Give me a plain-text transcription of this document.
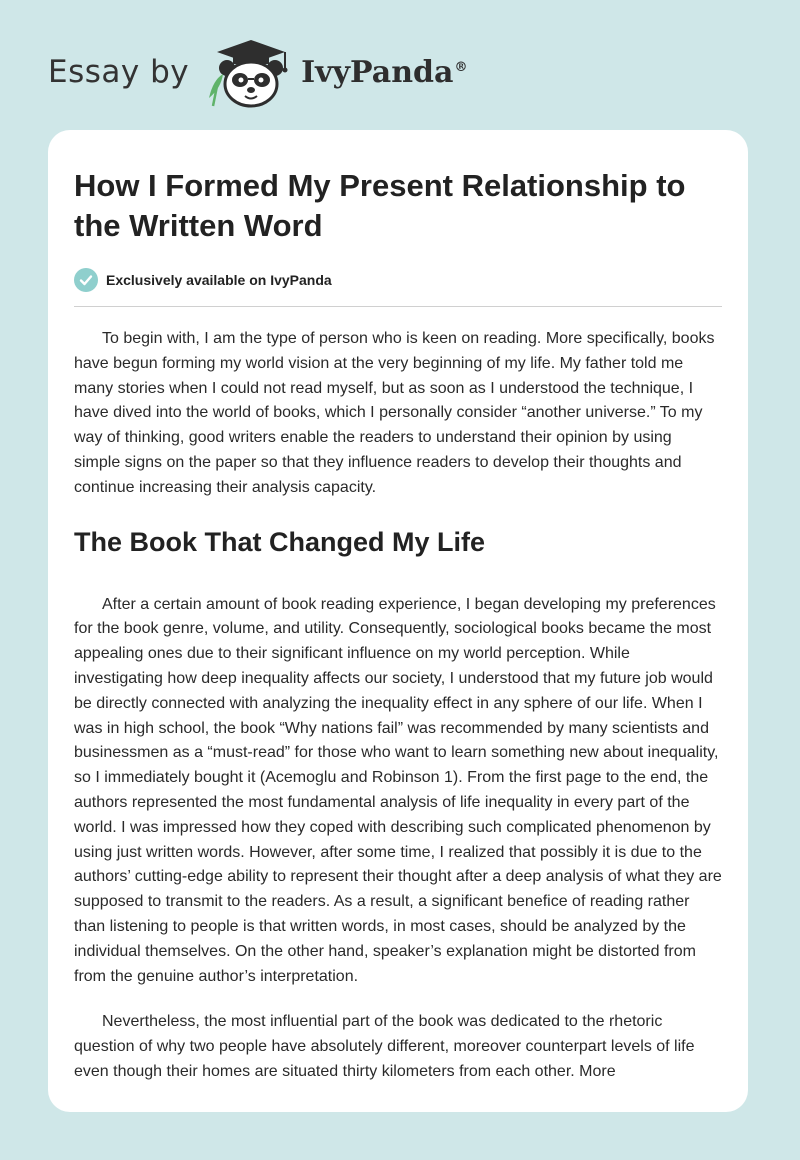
Essay by	IvyPanda®
How I Formed My Present Relationship to the Written Word
Exclusively available on IvyPanda

To begin with, I am the type of person who is keen on reading. More specifically, books have begun forming my world vision at the very beginning of my life. My father told me many stories when I could not read myself, but as soon as I understood the technique, I have dived into the world of books, which I personally consider “another universe.” To my way of thinking, good writers enable the readers to understand their opinion by using simple signs on the paper so that they influence readers to develop their thoughts and continue increasing their analysis capacity.

The Book That Changed My Life

After a certain amount of book reading experience, I began developing my preferences for the book genre, volume, and utility. Consequently, sociological books became the most appealing ones due to their significant influence on my world perception. While investigating how deep inequality affects our society, I understood that my future job would be directly connected with analyzing the inequality effect in any sphere of our life. When I was in high school, the book “Why nations fail” was recommended by many scientists and businessmen as a “must-read” for those who want to learn something new about inequality, so I immediately bought it (Acemoglu and Robinson 1). From the first page to the end, the authors represented the most fundamental analysis of life inequality in every part of the world. I was impressed how they coped with describing such complicated phenomenon by using just written words. However, after some time, I realized that possibly it is due to the authors’ cutting-edge ability to represent their thought after a deep analysis of what they are supposed to transmit to the readers. As a result, a significant benefice of reading rather than listening to people is that written words, in most cases, should be analyzed by the individual themselves. On the other hand, speaker’s explanation might be distorted from from the genuine author’s interpretation.

Nevertheless, the most influential part of the book was dedicated to the rhetoric question of why two people have absolutely different, moreover counterpart levels of life even though their homes are situated thirty kilometers from each other. More
